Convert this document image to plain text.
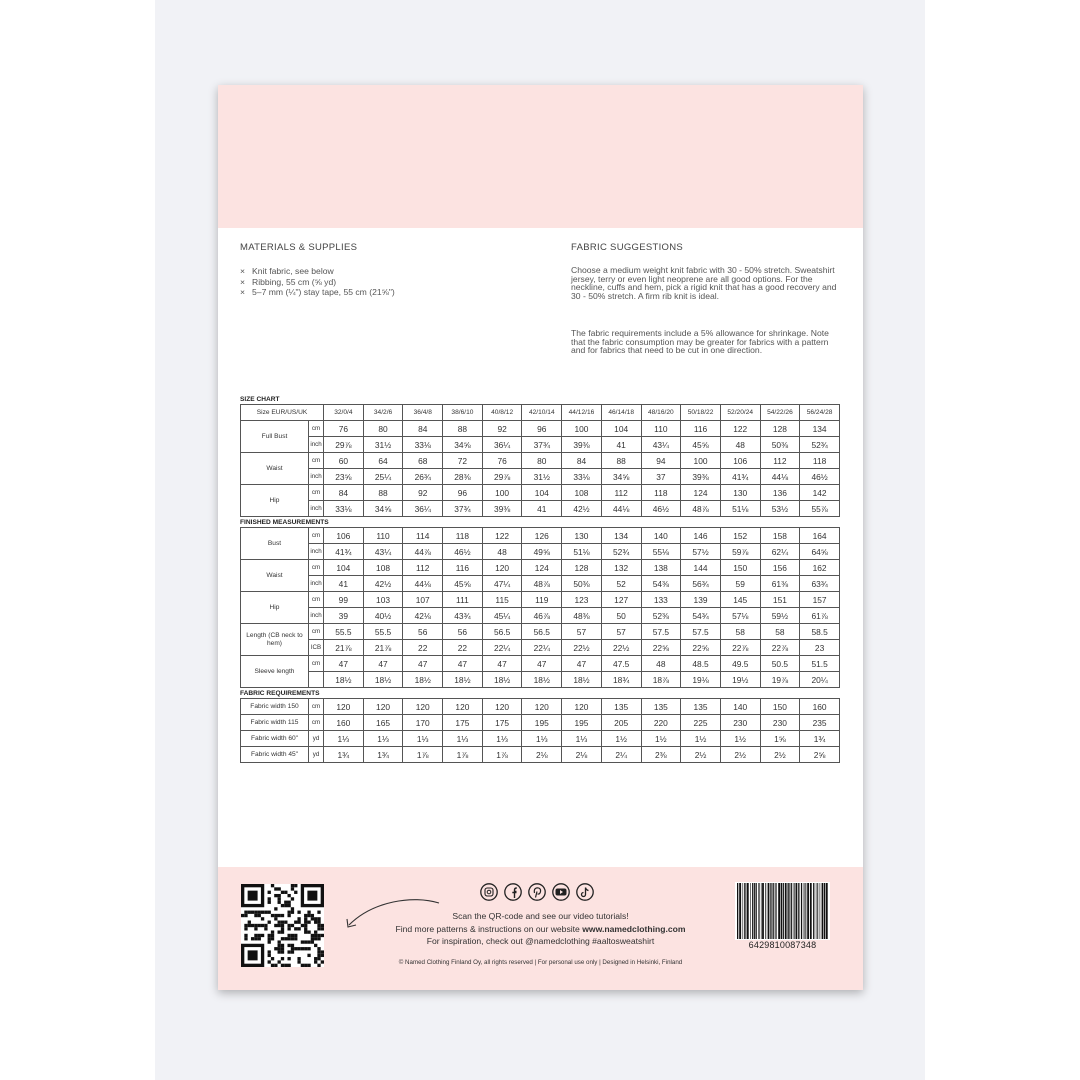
MATERIALS & SUPPLIES
× Knit fabric, see below
× Ribbing, 55 cm (⅝ yd)
× 5–7 mm (¼") stay tape, 55 cm (21⅝")
FABRIC SUGGESTIONS

Choose a medium weight knit fabric with 30 - 50% stretch. Sweatshirt jersey, terry or even light neoprene are all good options. For the neckline, cuffs and hem, pick a rigid knit that has a good recovery and 30 - 50% stretch. A firm rib knit is ideal.

The fabric requirements include a 5% allowance for shrinkage. Note that the fabric consumption may be greater for fabrics with a pattern and for fabrics that need to be cut in one direction.

SIZE CHART
Size EUR/US/UK		32/0/4	34/2/6	36/4/8	38/6/10	40/8/12	42/10/14	44/12/16	46/14/18	48/16/20	50/18/22	52/20/24	54/22/26	56/24/28
Full Bust	cm	76	80	84	88	92	96	100	104	110	116	122	128	134
	inch	29⅞	31½	33⅛	34⅝	36¼	37¾	39⅜	41	43¼	45⅝	48	50⅜	52¾
Waist	cm	60	64	68	72	76	80	84	88	94	100	106	112	118
	inch	23⅝	25¼	26¾	28⅜	29⅞	31½	33⅛	34⅝	37	39⅜	41¾	44⅛	46½
Hip	cm	84	88	92	96	100	104	108	112	118	124	130	136	142
	inch	33⅛	34⅝	36¼	37¾	39⅜	41	42½	44⅛	46½	48⅞	51⅛	53½	55⅞
FINISHED MEASUREMENTS
Bust	cm	106	110	114	118	122	126	130	134	140	146	152	158	164
	inch	41¾	43¼	44⅞	46½	48	49⅝	51⅛	52¾	55⅛	57½	59⅞	62¼	64⅝
Waist	cm	104	108	112	116	120	124	128	132	138	144	150	156	162
	inch	41	42½	44⅛	45⅝	47¼	48⅞	50⅜	52	54⅜	56¾	59	61⅜	63¾
Hip	cm	99	103	107	111	115	119	123	127	133	139	145	151	157
	inch	39	40½	42⅛	43¾	45¼	46⅞	48⅜	50	52⅜	54¾	57⅛	59½	61⅞
Length (CB neck to hem)	cm	55.5	55.5	56	56	56.5	56.5	57	57	57.5	57.5	58	58	58.5
	ICB	21⅞	21⅞	22	22	22¼	22¼	22½	22½	22⅝	22⅝	22⅞	22⅞	23
Sleeve length	cm	47	47	47	47	47	47	47	47.5	48	48.5	49.5	50.5	51.5
		18½	18½	18½	18½	18½	18½	18½	18¾	18⅞	19⅛	19½	19⅞	20¼
FABRIC REQUIREMENTS
Fabric width 150	cm	120	120	120	120	120	120	120	135	135	135	140	150	160
Fabric width 115	cm	160	165	170	175	175	195	195	205	220	225	230	230	235
Fabric width 60"	yd	1⅓	1⅓	1⅓	1⅓	1⅓	1⅓	1⅓	1½	1½	1½	1½	1⅝	1¾
Fabric width 45"	yd	1¾	1¾	1⅞	1⅞	1⅞	2⅛	2⅛	2¼	2⅜	2½	2½	2½	2⅝
Scan the QR-code and see our video tutorials!
Find more patterns & instructions on our website www.namedclothing.com
For inspiration, check out @namedclothing #aaltosweatshirt
© Named Clothing Finland Oy, all rights reserved | For personal use only | Designed in Helsinki, Finland
6429810087348
